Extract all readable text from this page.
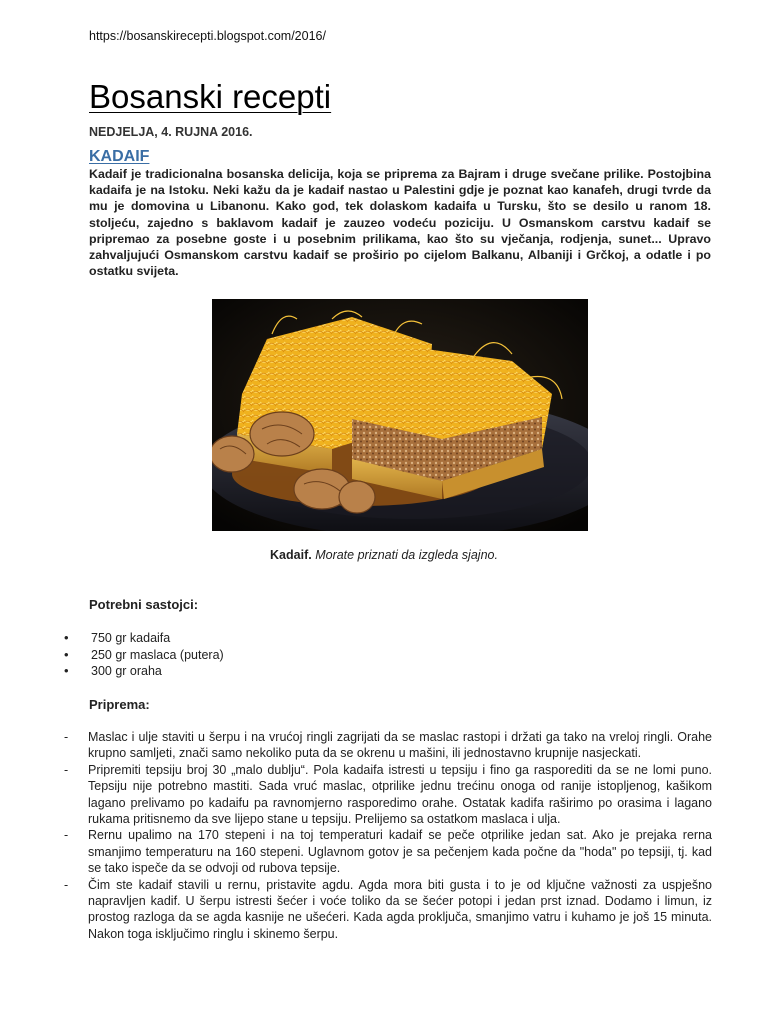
https://bosanskirecepti.blogspot.com/2016/
Bosanski recepti
NEDJELJA, 4. RUJNA 2016.
KADAIF

Kadaif je tradicionalna bosanska delicija, koja se priprema za Bajram i druge svečane prilike. Postojbina kadaifa je na Istoku. Neki kažu da je kadaif nastao u Palestini gdje je poznat kao kanafeh, drugi tvrde da mu je domovina u Libanonu. Kako god, tek dolaskom kadaifa u Tursku, što se desilo u ranom 18. stoljeću, zajedno s baklavom kadaif je zauzeo vodeću poziciju. U Osmanskom carstvu kadaif se pripremao za posebne goste i u posebnim prilikama, kao što su vječanja, rodjenja, sunet... Upravo zahvaljujući Osmanskom carstvu kadaif se proširio po cijelom Balkanu, Albaniji i Grčkoj, a odatle i po ostatku svijeta.

Kadaif. Morate priznati da izgleda sjajno.
Potrebni sastojci:
• 750 gr kadaifa
• 250 gr maslaca (putera)
• 300 gr oraha
Priprema:
- Maslac i ulje staviti u šerpu i na vrućoj ringli zagrijati da se maslac rastopi i držati ga tako na vreloj ringli. Orahe krupno samljeti, znači samo nekoliko puta da se okrenu u mašini, ili jednostavno krupnije nasjeckati.
- Pripremiti tepsiju broj 30 „malo dublju“. Pola kadaifa istresti u tepsiju i fino ga rasporediti da se ne lomi puno. Tepsiju nije potrebno mastiti. Sada vruć maslac, otprilike jednu trećinu onoga od ranije istopljenog, kašikom lagano prelivamo po kadaifu pa ravnomjerno rasporedimo orahe. Ostatak kadifa raširimo po orasima i lagano rukama pritisnemo da sve lijepo stane u tepsiju. Prelijemo sa ostatkom maslaca i ulja.
- Rernu upalimo na 170 stepeni i na toj temperaturi kadaif se peče otprilike jedan sat. Ako je prejaka rerna smanjimo temperaturu na 160 stepeni. Uglavnom gotov je sa pečenjem kada počne da "hoda" po tepsiji, tj. kad se tako ispeče da se odvoji od rubova tepsije.
- Čim ste kadaif stavili u rernu, pristavite agdu. Agda mora biti gusta i to je od ključne važnosti za uspješno napravljen kadif. U šerpu istresti šećer i voće toliko da se šećer potopi i jedan prst iznad. Dodamo i limun, iz prostog razloga da se agda kasnije ne ušećeri. Kada agda proključa, smanjimo vatru i kuhamo je još 15 minuta. Nakon toga isključimo ringlu i skinemo šerpu.
